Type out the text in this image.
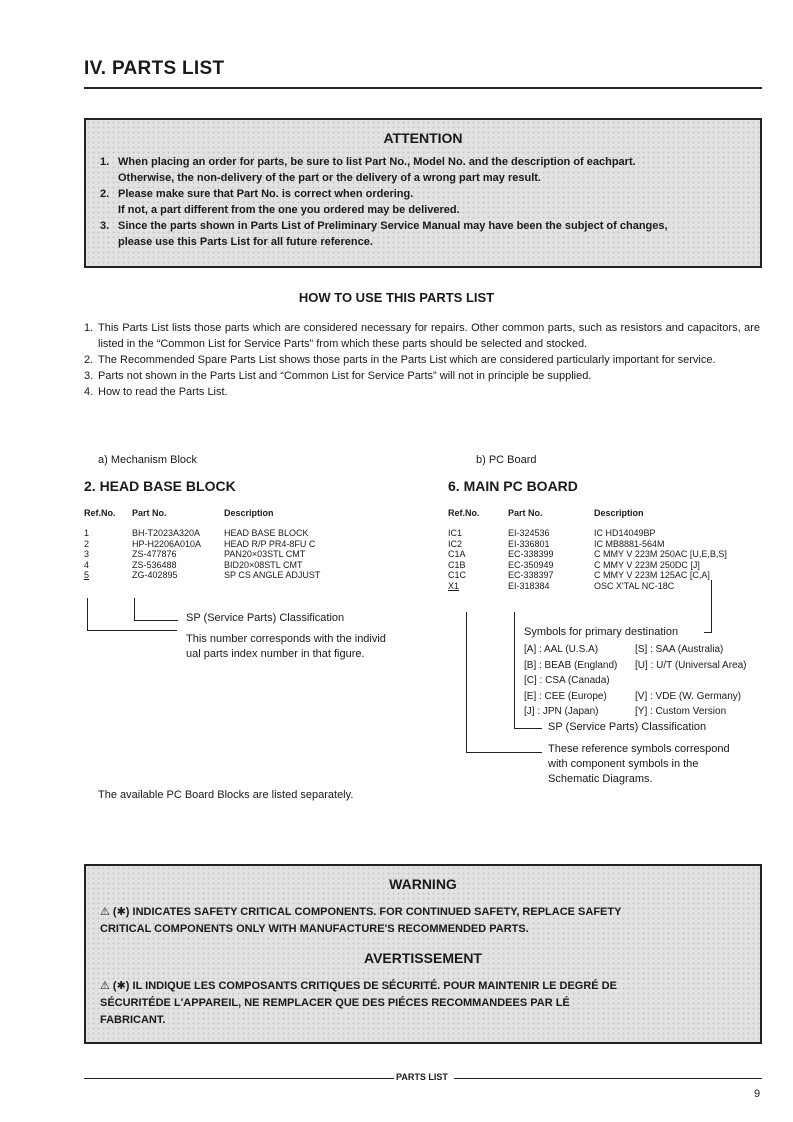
IV. PARTS LIST
ATTENTION
1. When placing an order for parts, be sure to list Part No., Model No. and the description of eachpart.
Otherwise, the non-delivery of the part or the delivery of a wrong part may result.
2. Please make sure that Part No. is correct when ordering.
If not, a part different from the one you ordered may be delivered.
3. Since the parts shown in Parts List of Preliminary Service Manual may have been the subject of changes,
please use this Parts List for all future reference.
HOW TO USE THIS PARTS LIST
1. This Parts List lists those parts which are considered necessary for repairs. Other common parts, such as resistors and capacitors, are listed in the “Common List for Service Parts” from which these parts should be selected and stocked.
2. The Recommended Spare Parts List shows those parts in the Parts List which are considered particularly important for service.
3. Parts not shown in the Parts List and “Common List for Service Parts” will not in principle be supplied.
4. How to read the Parts List.
a) Mechanism Block
2. HEAD BASE BLOCK
Ref.No.	Part No.	Description
1	BH-T2023A320A	HEAD BASE BLOCK
2	HP-H2206A010A	HEAD R/P PR4-8FU C
3	ZS-477876	PAN20×03STL CMT
4	ZS-536488	BID20×08STL CMT
5	ZG-402895	SP CS ANGLE ADJUST
SP (Service Parts) Classification
This number corresponds with the individ
ual parts index number in that figure.
b) PC Board
6. MAIN PC BOARD
Ref.No.	Part No.	Description
IC1	EI-324536	IC HD14049BP
IC2	EI-336801	IC MB8881-564M
C1A	EC-338399	C MMY V 223M 250AC [U,E,B,S]
C1B	EC-350949	C MMY V 223M 250DC [J]
C1C	EC-338397	C MMY V 223M 125AC [C,A]
X1	EI-318384	OSC X'TAL NC-18C
Symbols for primary destination
[A] : AAL (U.S.A)	[S] : SAA (Australia)
[B] : BEAB (England) [U] : U/T (Universal Area)
[C] : CSA (Canada)
[E] : CEE (Europe)	[V] : VDE (W. Germany)
[J] : JPN (Japan)	[Y] : Custom Version
SP (Service Parts) Classification
These reference symbols correspond
with component symbols in the
Schematic Diagrams.
The available PC Board Blocks are listed separately.
WARNING
⚠ (✱) INDICATES SAFETY CRITICAL COMPONENTS. FOR CONTINUED SAFETY, REPLACE SAFETY
CRITICAL COMPONENTS ONLY WITH MANUFACTURE'S RECOMMENDED PARTS.
AVERTISSEMENT
⚠ (✱) IL INDIQUE LES COMPOSANTS CRITIQUES DE SÉCURITÉ. POUR MAINTENIR LE DEGRÉ DE
SÉCURITÉDE L'APPAREIL, NE REMPLACER QUE DES PIÉCES RECOMMANDEES PAR LÉ
FABRICANT.
PARTS LIST
9
